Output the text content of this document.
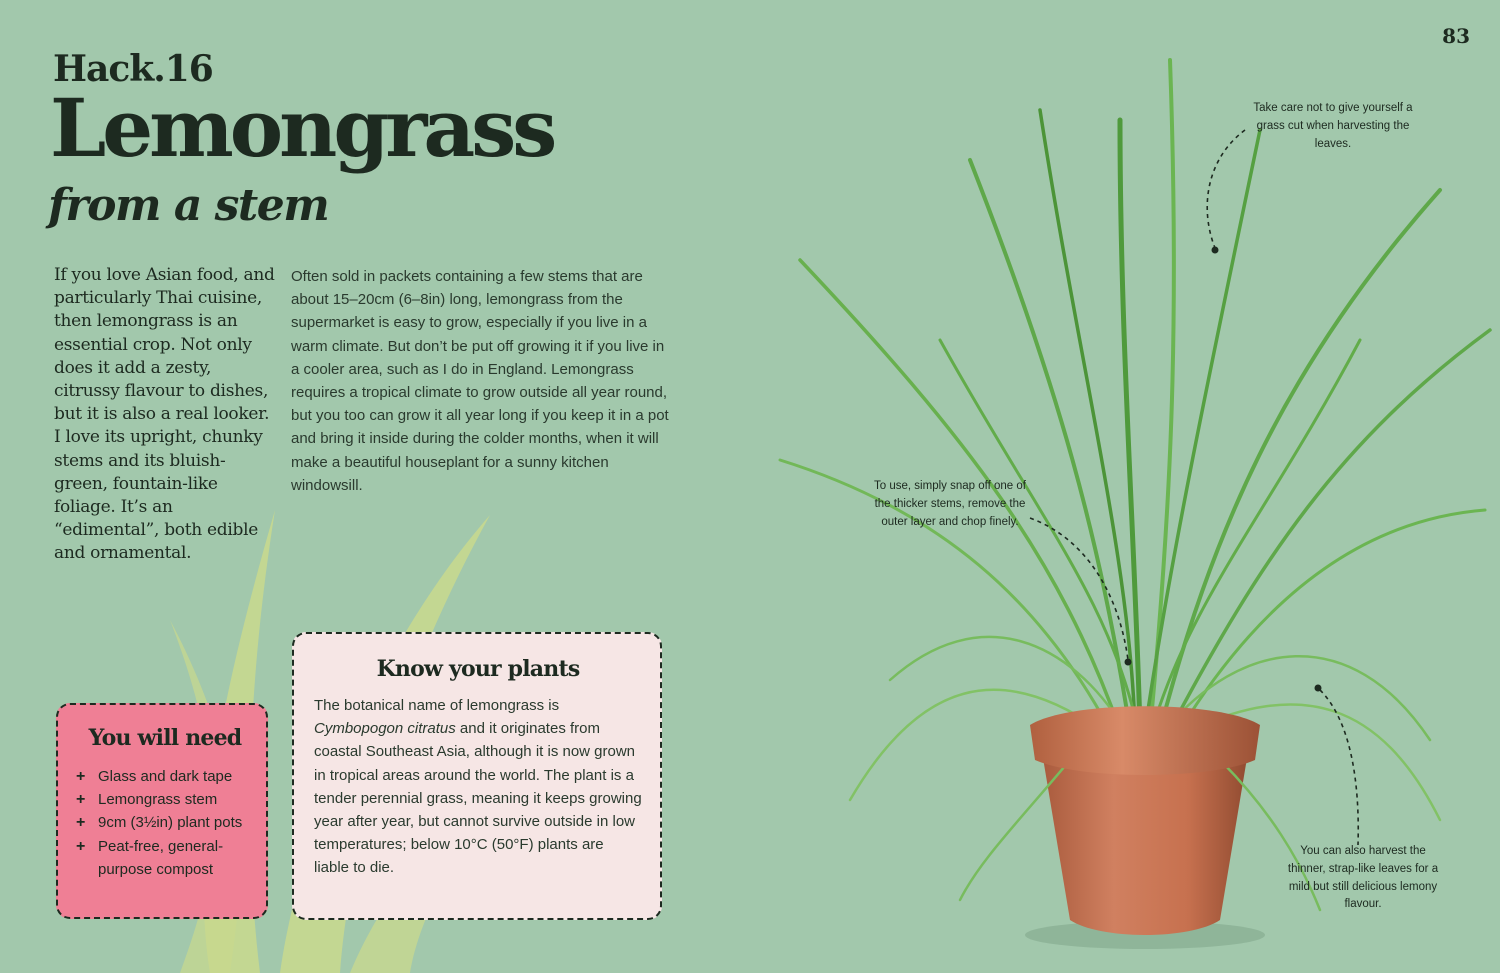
83
Hack.16
Lemongrass
from a stem

If you love Asian food, and particularly Thai cuisine, then lemongrass is an essential crop. Not only does it add a zesty, citrussy flavour to dishes, but it is also a real looker. I love its upright, chunky stems and its bluish-green, fountain-like foliage. It’s an “edimental”, both edible and ornamental.

Often sold in packets containing a few stems that are about 15–20cm (6–8in) long, lemongrass from the supermarket is easy to grow, especially if you live in a warm climate. But don’t be put off growing it if you live in a cooler area, such as I do in England. Lemongrass requires a tropical climate to grow outside all year round, but you too can grow it all year long if you keep it in a pot and bring it inside during the colder months, when it will make a beautiful houseplant for a sunny kitchen windowsill.

You will need
+ Glass and dark tape
+ Lemongrass stem
+ 9cm (3½in) plant pots
+ Peat-free, general-purpose compost
Know your plants
The botanical name of lemongrass is Cymbopogon citratus and it originates from coastal Southeast Asia, although it is now grown in tropical areas around the world. The plant is a tender perennial grass, meaning it keeps growing year after year, but cannot survive outside in low temperatures; below 10°C (50°F) plants are liable to die.
Take care not to give yourself a grass cut when harvesting the leaves.
To use, simply snap off one of the thicker stems, remove the outer layer and chop finely.
You can also harvest the thinner, strap-like leaves for a mild but still delicious lemony flavour.
